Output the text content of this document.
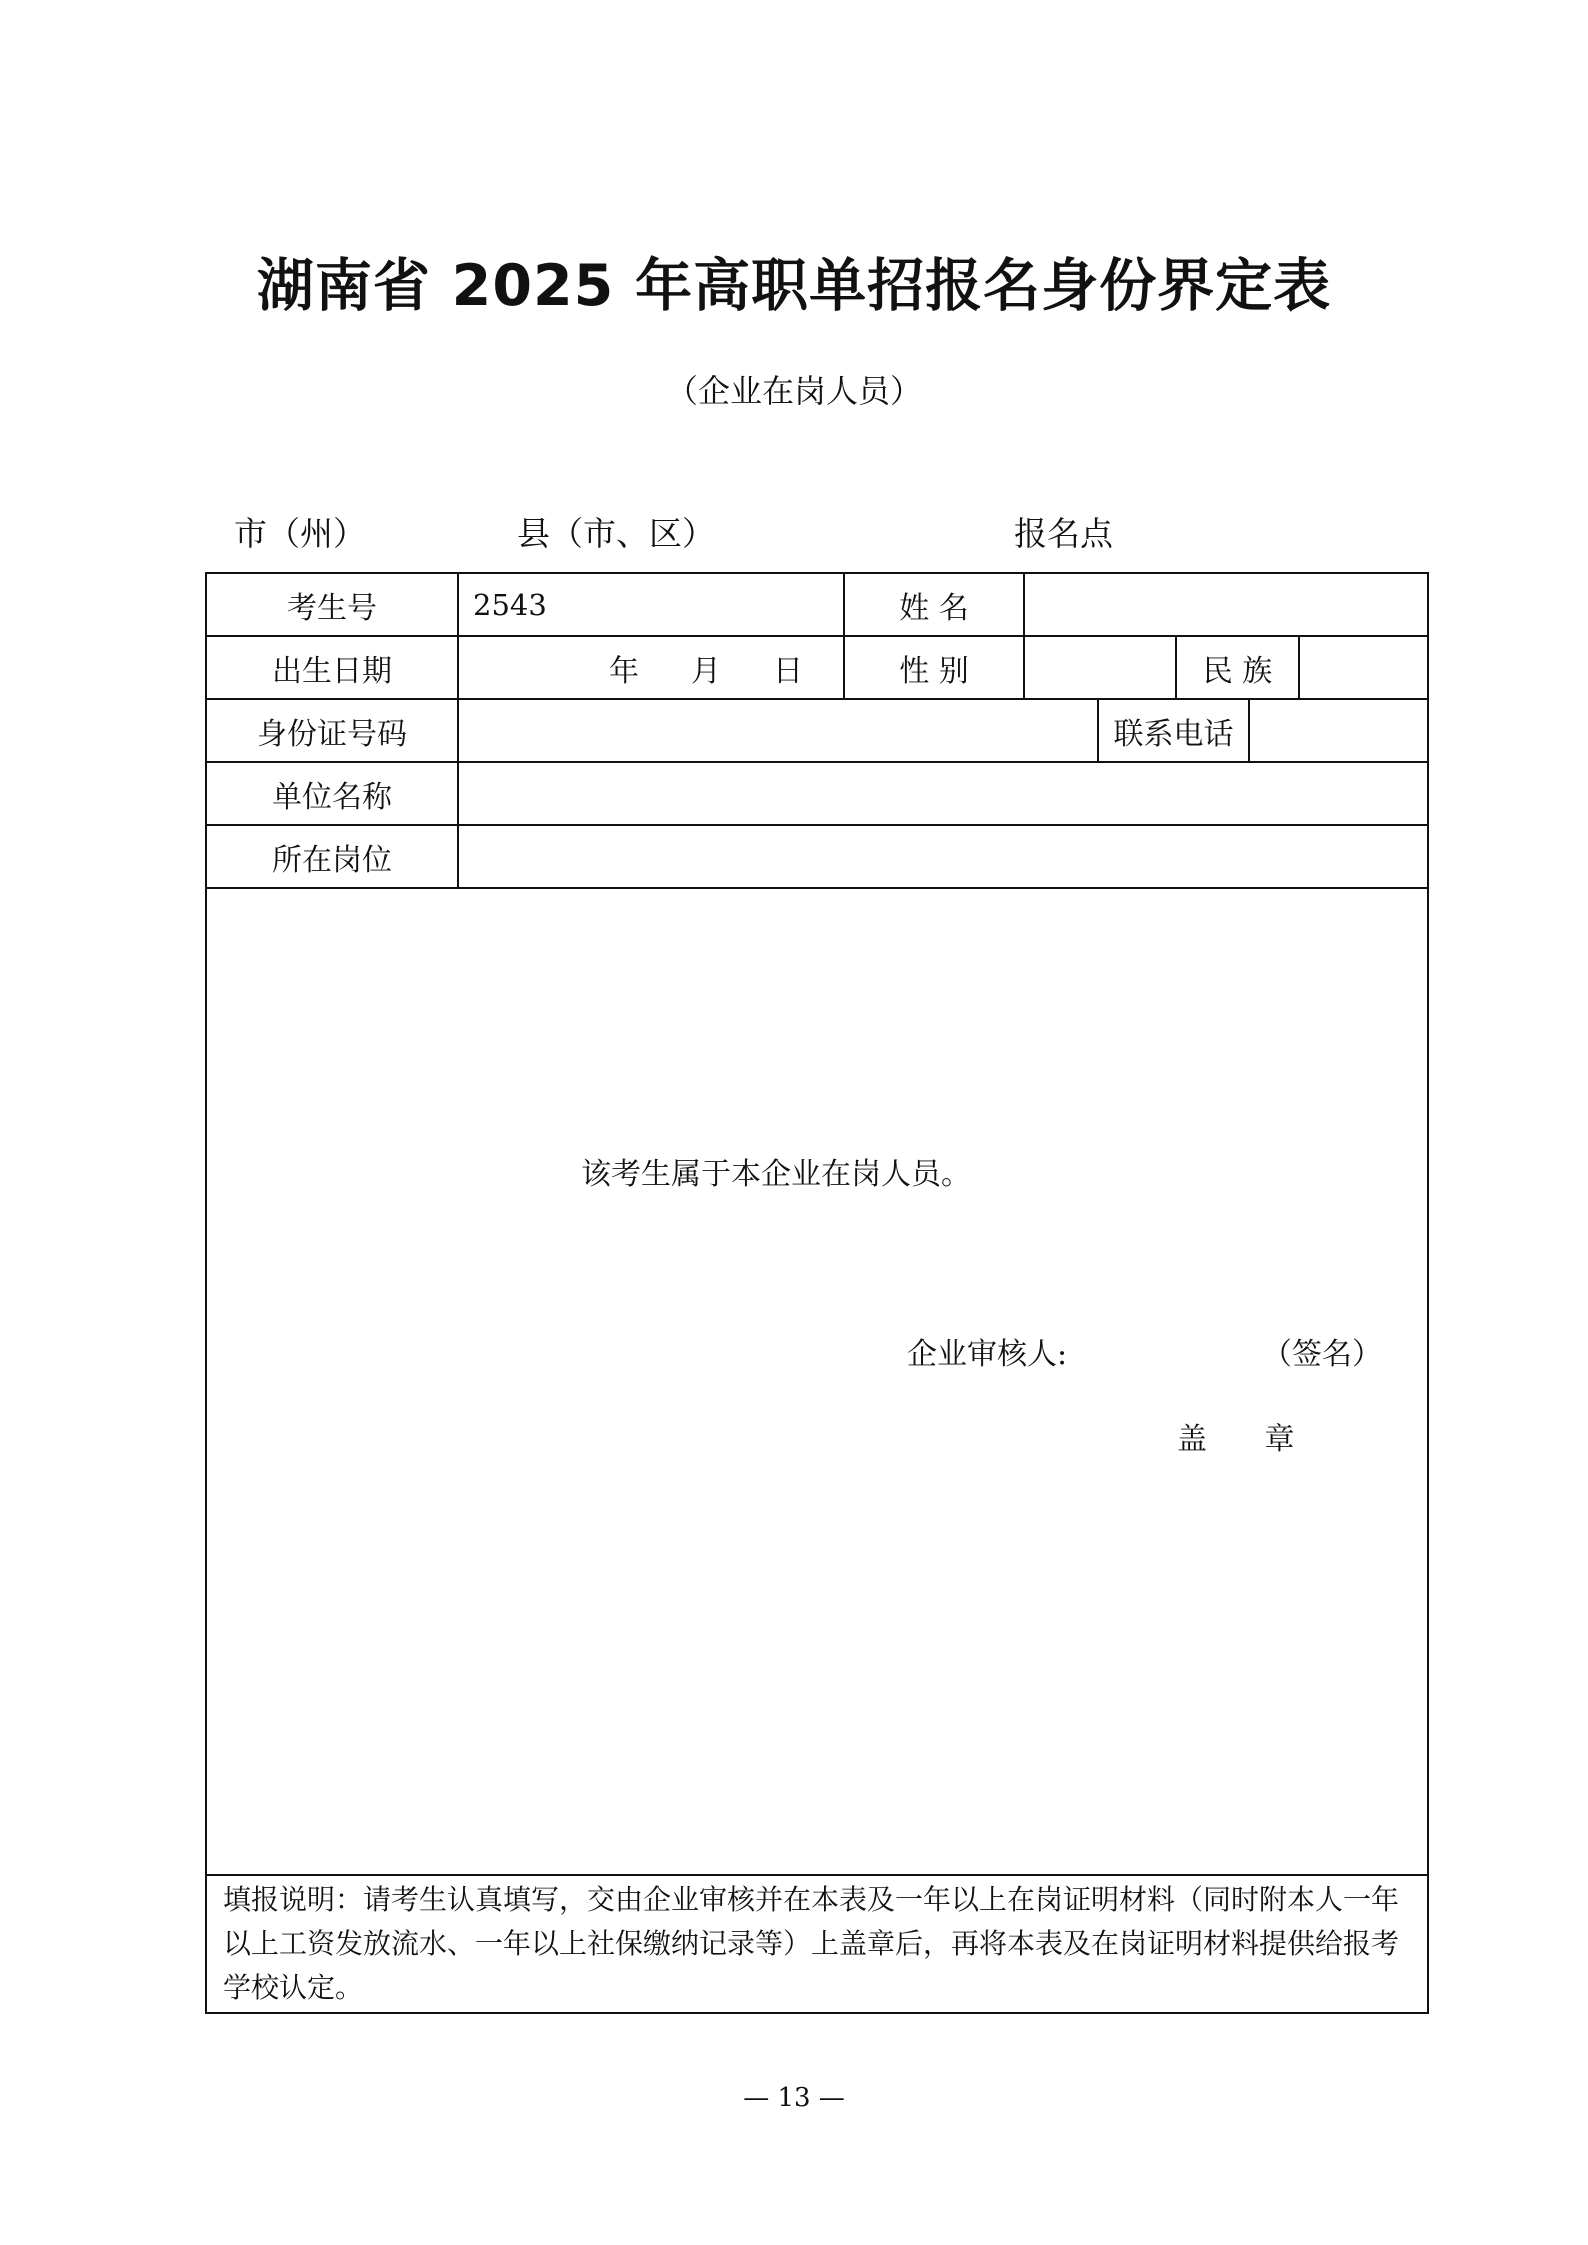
湖南省 2025 年高职单招报名身份界定表
（企业在岗人员）
市（州）	县（市、区）	报名点
考生号	2543	姓 名					
出生日期	年 月 日	性 别			民 族		
身份证号码				联系电话			
单位名称							
所在岗位							

该考生属于本企业在岗人员。
企业审核人: （签名）
盖 章							

填报说明：请考生认真填写，交由企业审核并在本表及一年以上在岗证明材料（同时附本人一年以上工资发放流水、一年以上社保缴纳记录等）上盖章后，再将本表及在岗证明材料提供给报考学校认定。							
— 13 —
